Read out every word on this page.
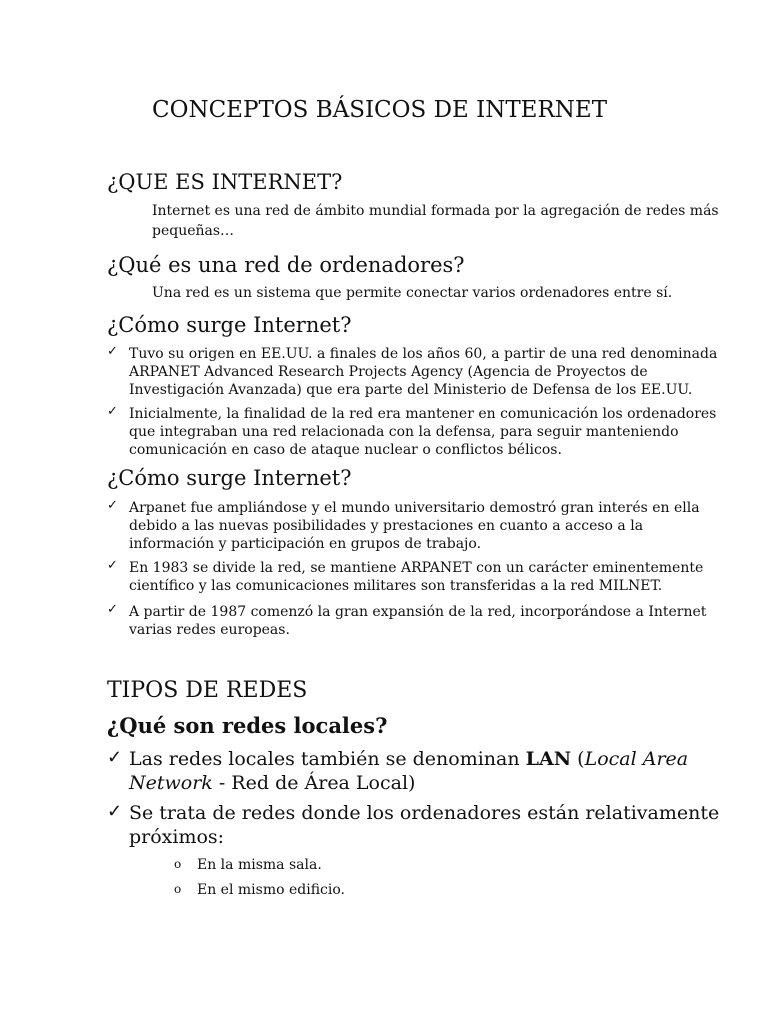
CONCEPTOS BÁSICOS DE INTERNET
¿QUE ES INTERNET?
Internet es una red de ámbito mundial formada por la agregación de redes más
pequeñas…
¿Qué es una red de ordenadores?
Una red es un sistema que permite conectar varios ordenadores entre sí.
¿Cómo surge Internet?
✓ Tuvo su origen en EE.UU. a finales de los años 60, a partir de una red denominada
ARPANET Advanced Research Projects Agency (Agencia de Proyectos de
Investigación Avanzada) que era parte del Ministerio de Defensa de los EE.UU.
✓ Inicialmente, la finalidad de la red era mantener en comunicación los ordenadores
que integraban una red relacionada con la defensa, para seguir manteniendo
comunicación en caso de ataque nuclear o conflictos bélicos.
¿Cómo surge Internet?
✓ Arpanet fue ampliándose y el mundo universitario demostró gran interés en ella
debido a las nuevas posibilidades y prestaciones en cuanto a acceso a la
información y participación en grupos de trabajo.
✓ En 1983 se divide la red, se mantiene ARPANET con un carácter eminentemente
científico y las comunicaciones militares son transferidas a la red MILNET.
✓ A partir de 1987 comenzó la gran expansión de la red, incorporándose a Internet
varias redes europeas.
TIPOS DE REDES
¿Qué son redes locales?
✓ Las redes locales también se denominan LAN (Local Area
Network - Red de Área Local)
✓ Se trata de redes donde los ordenadores están relativamente
próximos:
o En la misma sala.
o En el mismo edificio.
